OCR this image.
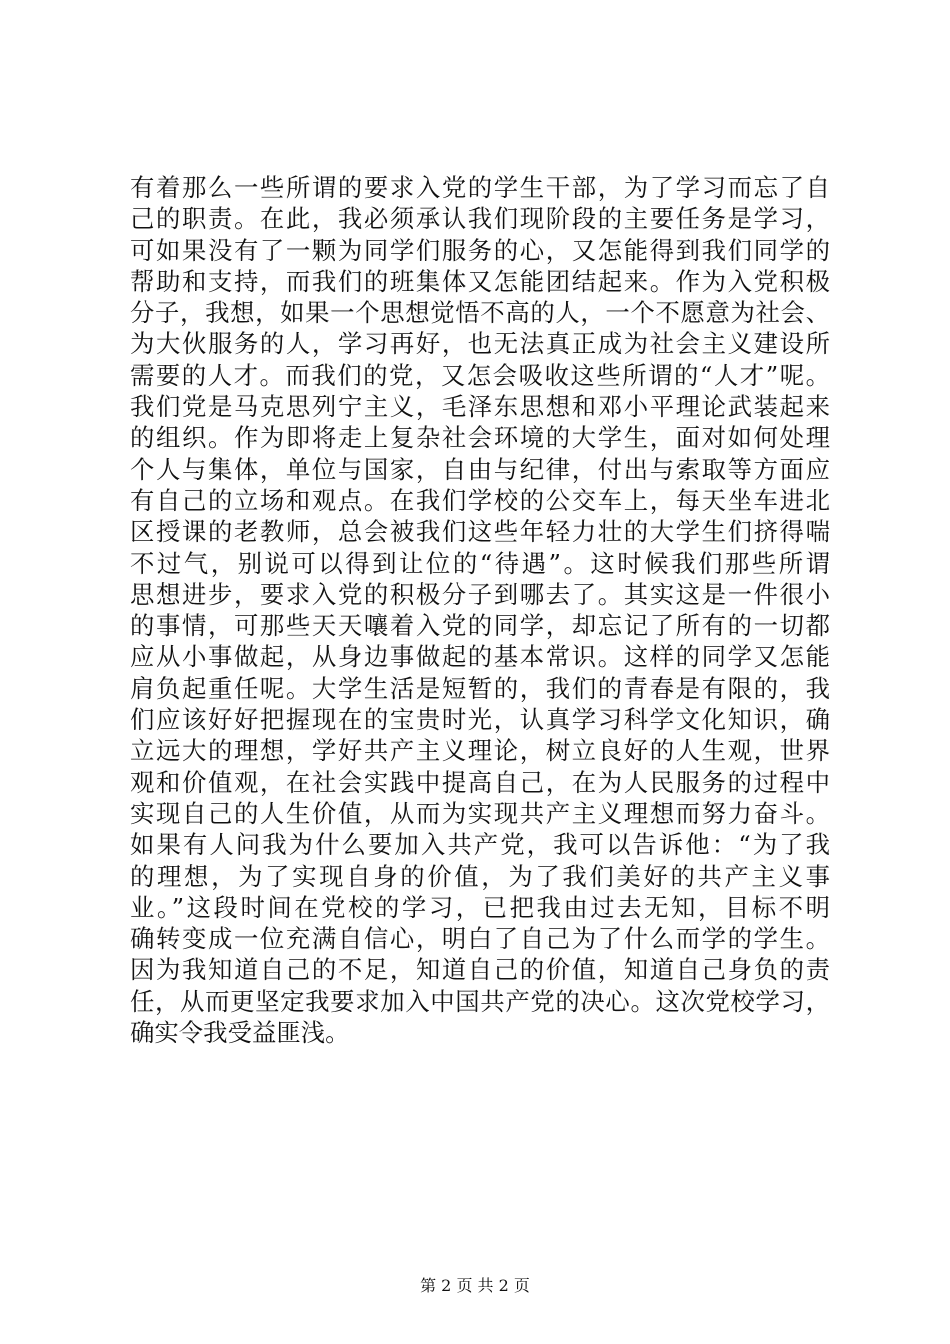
有着那么一些所谓的要求入党的学生干部，为了学习而忘了自
己的职责。在此，我必须承认我们现阶段的主要任务是学习，
可如果没有了一颗为同学们服务的心，又怎能得到我们同学的
帮助和支持，而我们的班集体又怎能团结起来。作为入党积极
分子，我想，如果一个思想觉悟不高的人，一个不愿意为社会、
为大伙服务的人，学习再好，也无法真正成为社会主义建设所
需要的人才。而我们的党，又怎会吸收这些所谓的“人才”呢。
我们党是马克思列宁主义，毛泽东思想和邓小平理论武装起来
的组织。作为即将走上复杂社会环境的大学生，面对如何处理
个人与集体，单位与国家，自由与纪律，付出与索取等方面应
有自己的立场和观点。在我们学校的公交车上，每天坐车进北
区授课的老教师，总会被我们这些年轻力壮的大学生们挤得喘
不过气，别说可以得到让位的“待遇”。这时候我们那些所谓
思想进步，要求入党的积极分子到哪去了。其实这是一件很小
的事情，可那些天天嚷着入党的同学，却忘记了所有的一切都
应从小事做起，从身边事做起的基本常识。这样的同学又怎能
肩负起重任呢。大学生活是短暂的，我们的青春是有限的，我
们应该好好把握现在的宝贵时光，认真学习科学文化知识，确
立远大的理想，学好共产主义理论，树立良好的人生观，世界
观和价值观，在社会实践中提高自己，在为人民服务的过程中
实现自己的人生价值，从而为实现共产主义理想而努力奋斗。
如果有人问我为什么要加入共产党，我可以告诉他：“为了我
的理想，为了实现自身的价值，为了我们美好的共产主义事
业。”这段时间在党校的学习，已把我由过去无知，目标不明
确转变成一位充满自信心，明白了自己为了什么而学的学生。
因为我知道自己的不足，知道自己的价值，知道自己身负的责
任，从而更坚定我要求加入中国共产党的决心。这次党校学习，
确实令我受益匪浅。
第 2 页 共 2 页
